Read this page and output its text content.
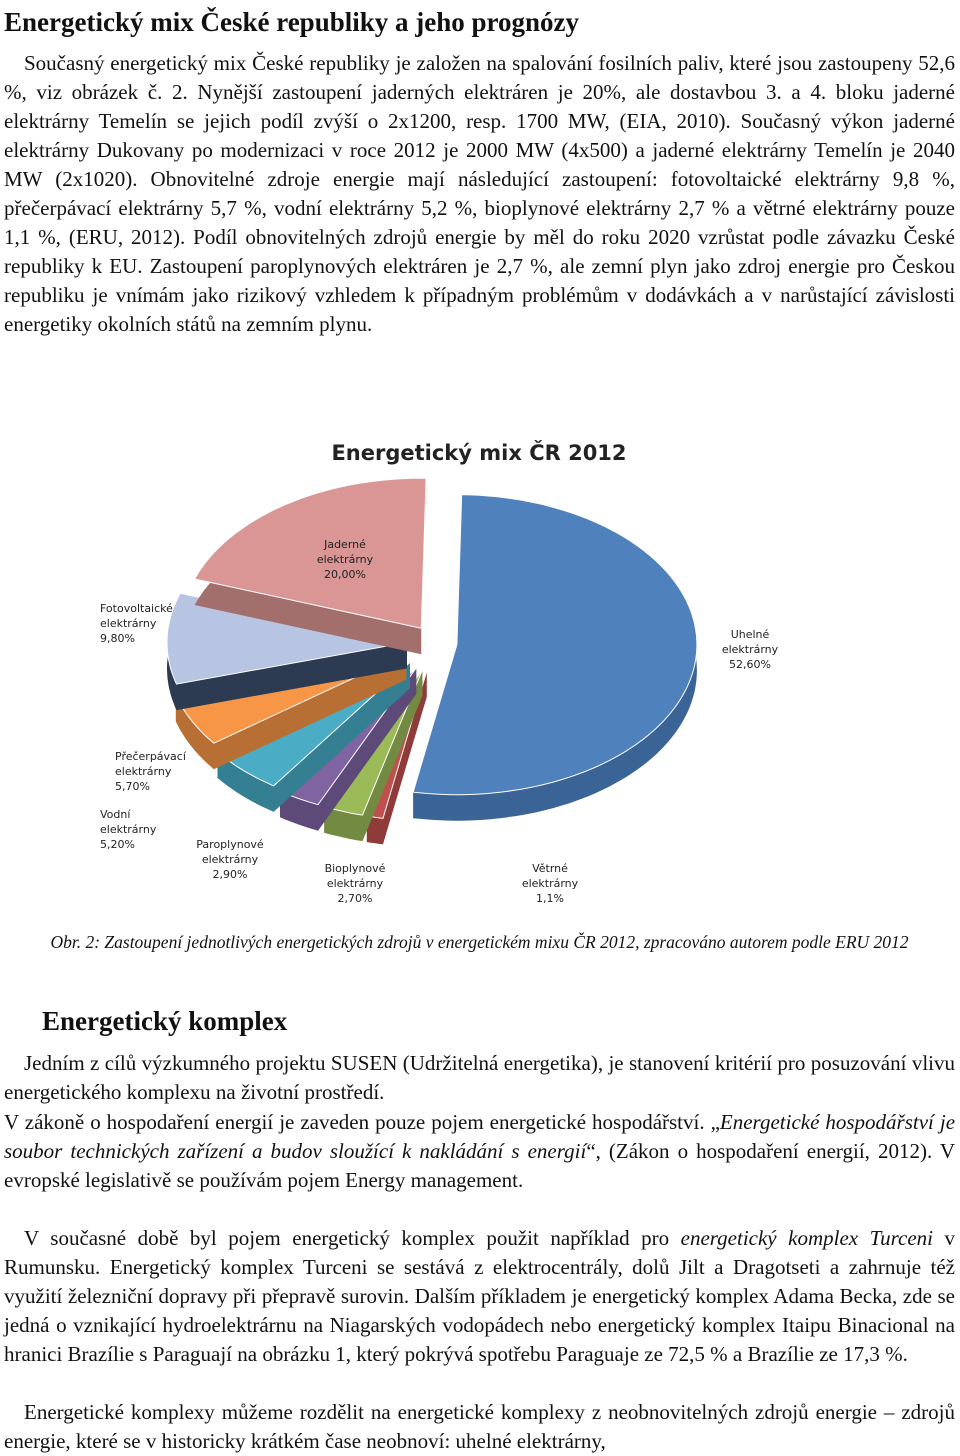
Energetický mix České republiky a jeho prognózy

Současný energetický mix České republiky je založen na spalování fosilních paliv, které jsou zastoupeny 52,6 %, viz obrázek č. 2. Nynější zastoupení jaderných elektráren je 20%, ale dostavbou 3. a 4. bloku jaderné elektrárny Temelín se jejich podíl zvýší o 2x1200, resp. 1700 MW, (EIA, 2010). Současný výkon jaderné elektrárny Dukovany po modernizaci v roce 2012 je 2000 MW (4x500) a jaderné elektrárny Temelín je 2040 MW (2x1020). Obnovitelné zdroje energie mají následující zastoupení: fotovoltaické elektrárny 9,8 %, přečerpávací elektrárny 5,7 %, vodní elektrárny 5,2 %, bioplynové elektrárny 2,7 % a větrné elektrárny pouze 1,1 %, (ERU, 2012). Podíl obnovitelných zdrojů energie by měl do roku 2020 vzrůstat podle závazku České republiky k EU. Zastoupení paroplynových elektráren je 2,7 %, ale zemní plyn jako zdroj energie pro Českou republiku je vnímám jako rizikový vzhledem k případným problémům v dodávkách a v narůstající závislosti energetiky okolních států na zemním plynu.

Energetický mix ČR 2012
Uhelné
elektrárny
52,60%
Větrné
elektrárny
1,1%
Bioplynové
elektrárny
2,70%
Paroplynové
elektrárny
2,90%
Vodní
elektrárny
5,20%
Přečerpávací
elektrárny
5,70%
Fotovoltaické
elektrárny
9,80%
Jaderné
elektrárny
20,00%

Obr. 2: Zastoupení jednotlivých energetických zdrojů v energetickém mixu ČR 2012, zpracováno autorem podle ERU 2012

Energetický komplex

Jedním z cílů výzkumného projektu SUSEN (Udržitelná energetika), je stanovení kritérií pro posuzování vlivu energetického komplexu na životní prostředí.

V zákoně o hospodaření energií je zaveden pouze pojem energetické hospodářství. „Energetické hospodářství je soubor technických zařízení a budov sloužící k nakládání s energií“, (Zákon o hospodaření energií, 2012). V evropské legislativě se používám pojem Energy management.

V současné době byl pojem energetický komplex použit například pro energetický komplex Turceni v Rumunsku. Energetický komplex Turceni se sestává z elektrocentrály, dolů Jilt a Dragotseti a zahrnuje též využití železniční dopravy při přepravě surovin. Dalším příkladem je energetický komplex Adama Becka, zde se jedná o vznikající hydroelektrárnu na Niagarských vodopádech nebo energetický komplex Itaipu Binacional na hranici Brazílie s Paraguají na obrázku 1, který pokrývá spotřebu Paraguaje ze 72,5 % a Brazílie ze 17,3 %.

Energetické komplexy můžeme rozdělit na energetické komplexy z neobnovitelných zdrojů energie – zdrojů energie, které se v historicky krátkém čase neobnoví: uhelné elektrárny,
